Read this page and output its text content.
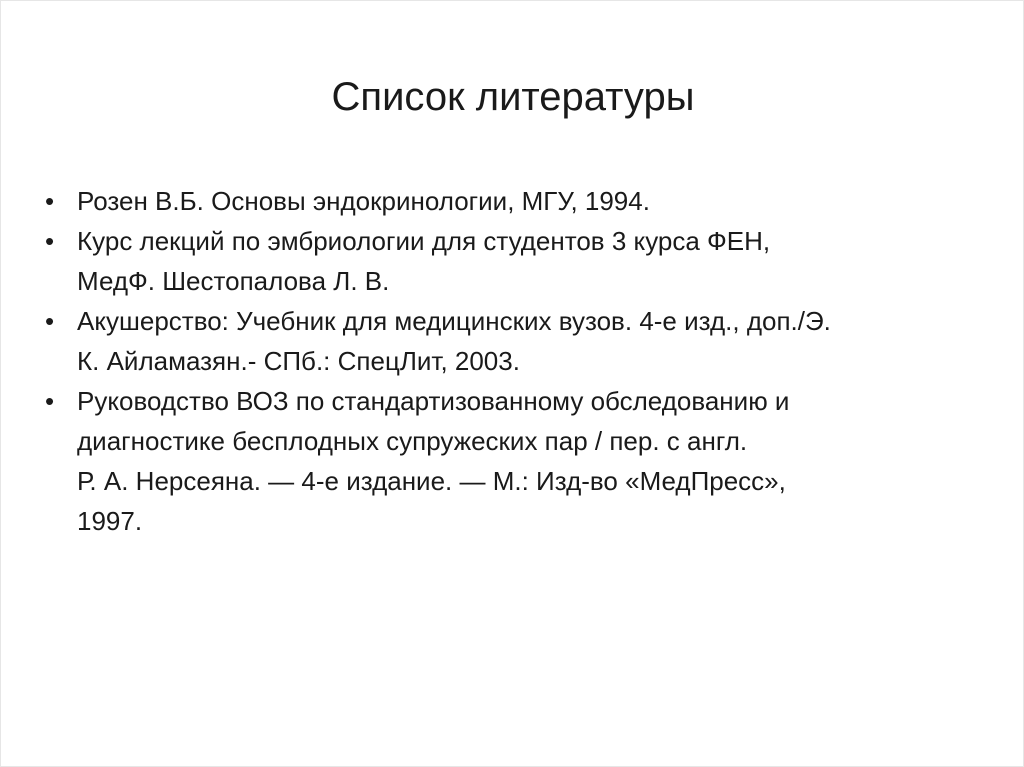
Список литературы
• Розен В.Б. Основы эндокринологии, МГУ, 1994.
• Курс лекций по эмбриологии для студентов 3 курса ФЕН,
МедФ. Шестопалова Л. В.
• Акушерство: Учебник для медицинских вузов. 4-е изд., доп./Э.
К. Айламазян.- СПб.: СпецЛит, 2003.
• Руководство ВОЗ по стандартизованному обследованию и
диагностике бесплодных супружеских пар / пер. с англ.
Р. А. Нерсеяна. — 4-е издание. — М.: Изд-во «МедПресс»,
1997.
